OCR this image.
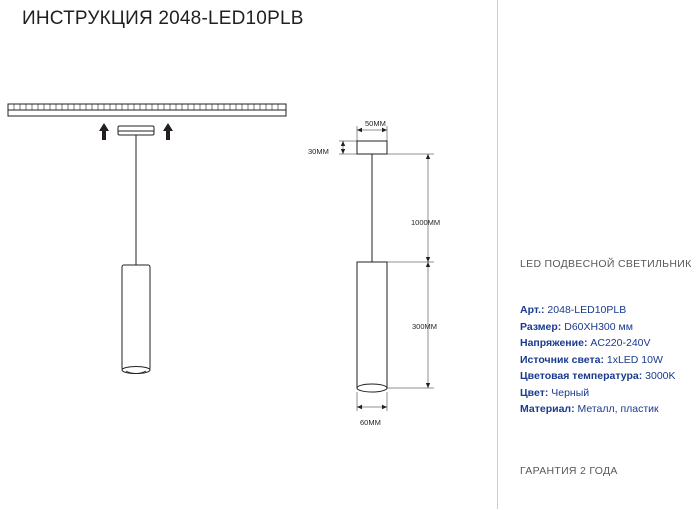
ИНСТРУКЦИЯ 2048-LED10PLB
50ММ
30ММ
1000ММ
300ММ
60ММ
LED ПОДВЕСНОЙ СВЕТИЛЬНИК
Арт.: 2048-LED10PLB
Размер: D60XH300 мм
Напряжение: AC220-240V
Источник света: 1xLED 10W
Цветовая температура: 3000K
Цвет: Черный
Материал: Металл, пластик
ГАРАНТИЯ 2 ГОДА
